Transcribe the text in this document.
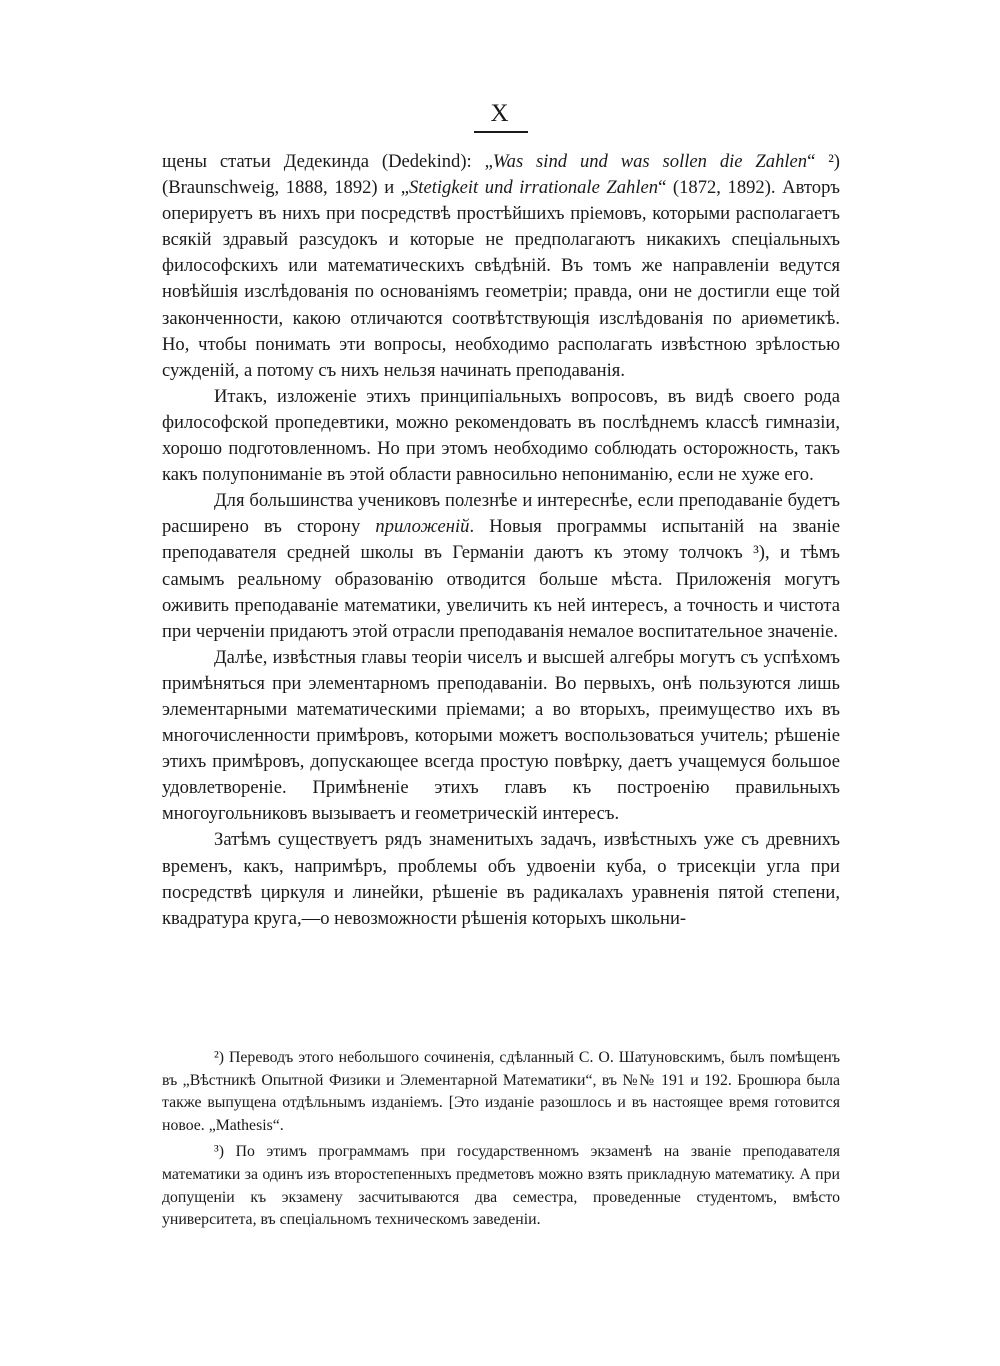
X

щены статьи Дедекинда (Dedekind): „Was sind und was sollen die Zahlen“ ²) (Braunschweig, 1888, 1892) и „Stetigkeit und irrationale Zahlen“ (1872, 1892). Авторъ оперируетъ въ нихъ при посредствѣ простѣйшихъ пріемовъ, которыми располагаетъ всякій здравый разсудокъ и которые не предполагаютъ никакихъ спеціальныхъ философскихъ или математическихъ свѣдѣній. Въ томъ же направленіи ведутся новѣйшія изслѣдованія по основаніямъ геометріи; правда, они не достигли еще той законченности, какою отличаются соотвѣтствующія изслѣдованія по ариѳметикѣ. Но, чтобы понимать эти вопросы, необходимо располагать извѣстною зрѣлостью сужденій, а потому съ нихъ нельзя начинать преподаванія.

Итакъ, изложеніе этихъ принципіальныхъ вопросовъ, въ видѣ своего рода философской пропедевтики, можно рекомендовать въ послѣднемъ классѣ гимназіи, хорошо подготовленномъ. Но при этомъ необходимо соблюдать осторожность, такъ какъ полупониманіе въ этой области равносильно непониманію, если не хуже его.

Для большинства учениковъ полезнѣе и интереснѣе, если преподаваніе будетъ расширено въ сторону приложеній. Новыя программы испытаній на званіе преподавателя средней школы въ Германіи даютъ къ этому толчокъ ³), и тѣмъ самымъ реальному образованію отводится больше мѣста. Приложенія могутъ оживить преподаваніе математики, увеличить къ ней интересъ, а точность и чистота при черченіи придаютъ этой отрасли преподаванія немалое воспитательное значеніе.

Далѣе, извѣстныя главы теоріи чиселъ и высшей алгебры могутъ съ успѣхомъ примѣняться при элементарномъ преподаваніи. Во первыхъ, онѣ пользуются лишь элементарными математическими пріемами; а во вторыхъ, преимущество ихъ въ многочисленности примѣровъ, которыми можетъ воспользоваться учитель; рѣшеніе этихъ примѣровъ, допускающее всегда простую повѣрку, даетъ учащемуся большое удовлетвореніе. Примѣненіе этихъ главъ къ построенію правильныхъ многоугольниковъ вызываетъ и геометрическій интересъ.

Затѣмъ существуетъ рядъ знаменитыхъ задачъ, извѣстныхъ уже съ древнихъ временъ, какъ, напримѣръ, проблемы объ удвоеніи куба, о трисекціи угла при посредствѣ циркуля и линейки, рѣшеніе въ радикалахъ уравненія пятой степени, квадратура круга,—о невозможности рѣшенія которыхъ школьни-

²) Переводъ этого небольшого сочиненія, сдѣланный С. О. Шатуновскимъ, былъ помѣщенъ въ „Вѣстникѣ Опытной Физики и Элементарной Математики“, въ №№ 191 и 192. Брошюра была также выпущена отдѣльнымъ изданіемъ. [Это изданіе разошлось и въ настоящее время готовится новое. „Mathesis“.

³) По этимъ программамъ при государственномъ экзаменѣ на званіе преподавателя математики за одинъ изъ второстепенныхъ предметовъ можно взять прикладную математику. А при допущеніи къ экзамену засчитываются два семестра, проведенные студентомъ, вмѣсто университета, въ спеціальномъ техническомъ заведеніи.
